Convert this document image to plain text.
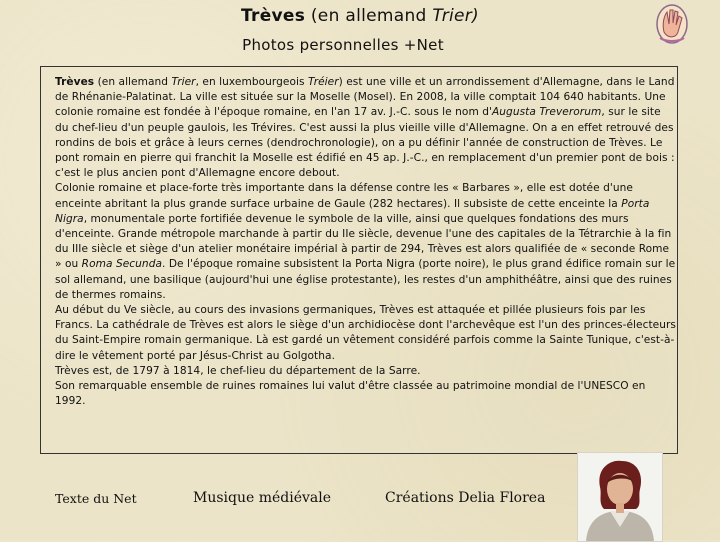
Trèves (en allemand Trier)
Photos personnelles +Net

Trèves (en allemand Trier, en luxembourgeois Tréier) est une ville et un arrondissement d'Allemagne, dans le Land de Rhénanie-Palatinat. La ville est située sur la Moselle (Mosel). En 2008, la ville comptait 104 640 habitants. Une colonie romaine est fondée à l'époque romaine, en l'an 17 av. J.-C. sous le nom d'Augusta Treverorum, sur le site du chef-lieu d'un peuple gaulois, les Trévires. C'est aussi la plus vieille ville d'Allemagne. On a en effet retrouvé des rondins de bois et grâce à leurs cernes (dendrochronologie), on a pu définir l'année de construction de Trèves. Le pont romain en pierre qui franchit la Moselle est édifié en 45 ap. J.-C., en remplacement d'un premier pont de bois : c'est le plus ancien pont d'Allemagne encore debout.

Colonie romaine et place-forte très importante dans la défense contre les « Barbares », elle est dotée d'une enceinte abritant la plus grande surface urbaine de Gaule (282 hectares). Il subsiste de cette enceinte la Porta Nigra, monumentale porte fortifiée devenue le symbole de la ville, ainsi que quelques fondations des murs d'enceinte. Grande métropole marchande à partir du IIe siècle, devenue l'une des capitales de la Tétrarchie à la fin du IIIe siècle et siège d'un atelier monétaire impérial à partir de 294, Trèves est alors qualifiée de « seconde Rome » ou Roma Secunda. De l'époque romaine subsistent la Porta Nigra (porte noire), le plus grand édifice romain sur le sol allemand, une basilique (aujourd'hui une église protestante), les restes d'un amphithéâtre, ainsi que des ruines de thermes romains.

Au début du Ve siècle, au cours des invasions germaniques, Trèves est attaquée et pillée plusieurs fois par les Francs. La cathédrale de Trèves est alors le siège d'un archidiocèse dont l'archevêque est l'un des princes-électeurs du Saint-Empire romain germanique. Là est gardé un vêtement considéré parfois comme la Sainte Tunique, c'est-à-dire le vêtement porté par Jésus-Christ au Golgotha.

Trèves est, de 1797 à 1814, le chef-lieu du département de la Sarre.

Son remarquable ensemble de ruines romaines lui valut d'être classée au patrimoine mondial de l'UNESCO en 1992.

Texte du Net	Musique médiévale	Créations Delia Florea
